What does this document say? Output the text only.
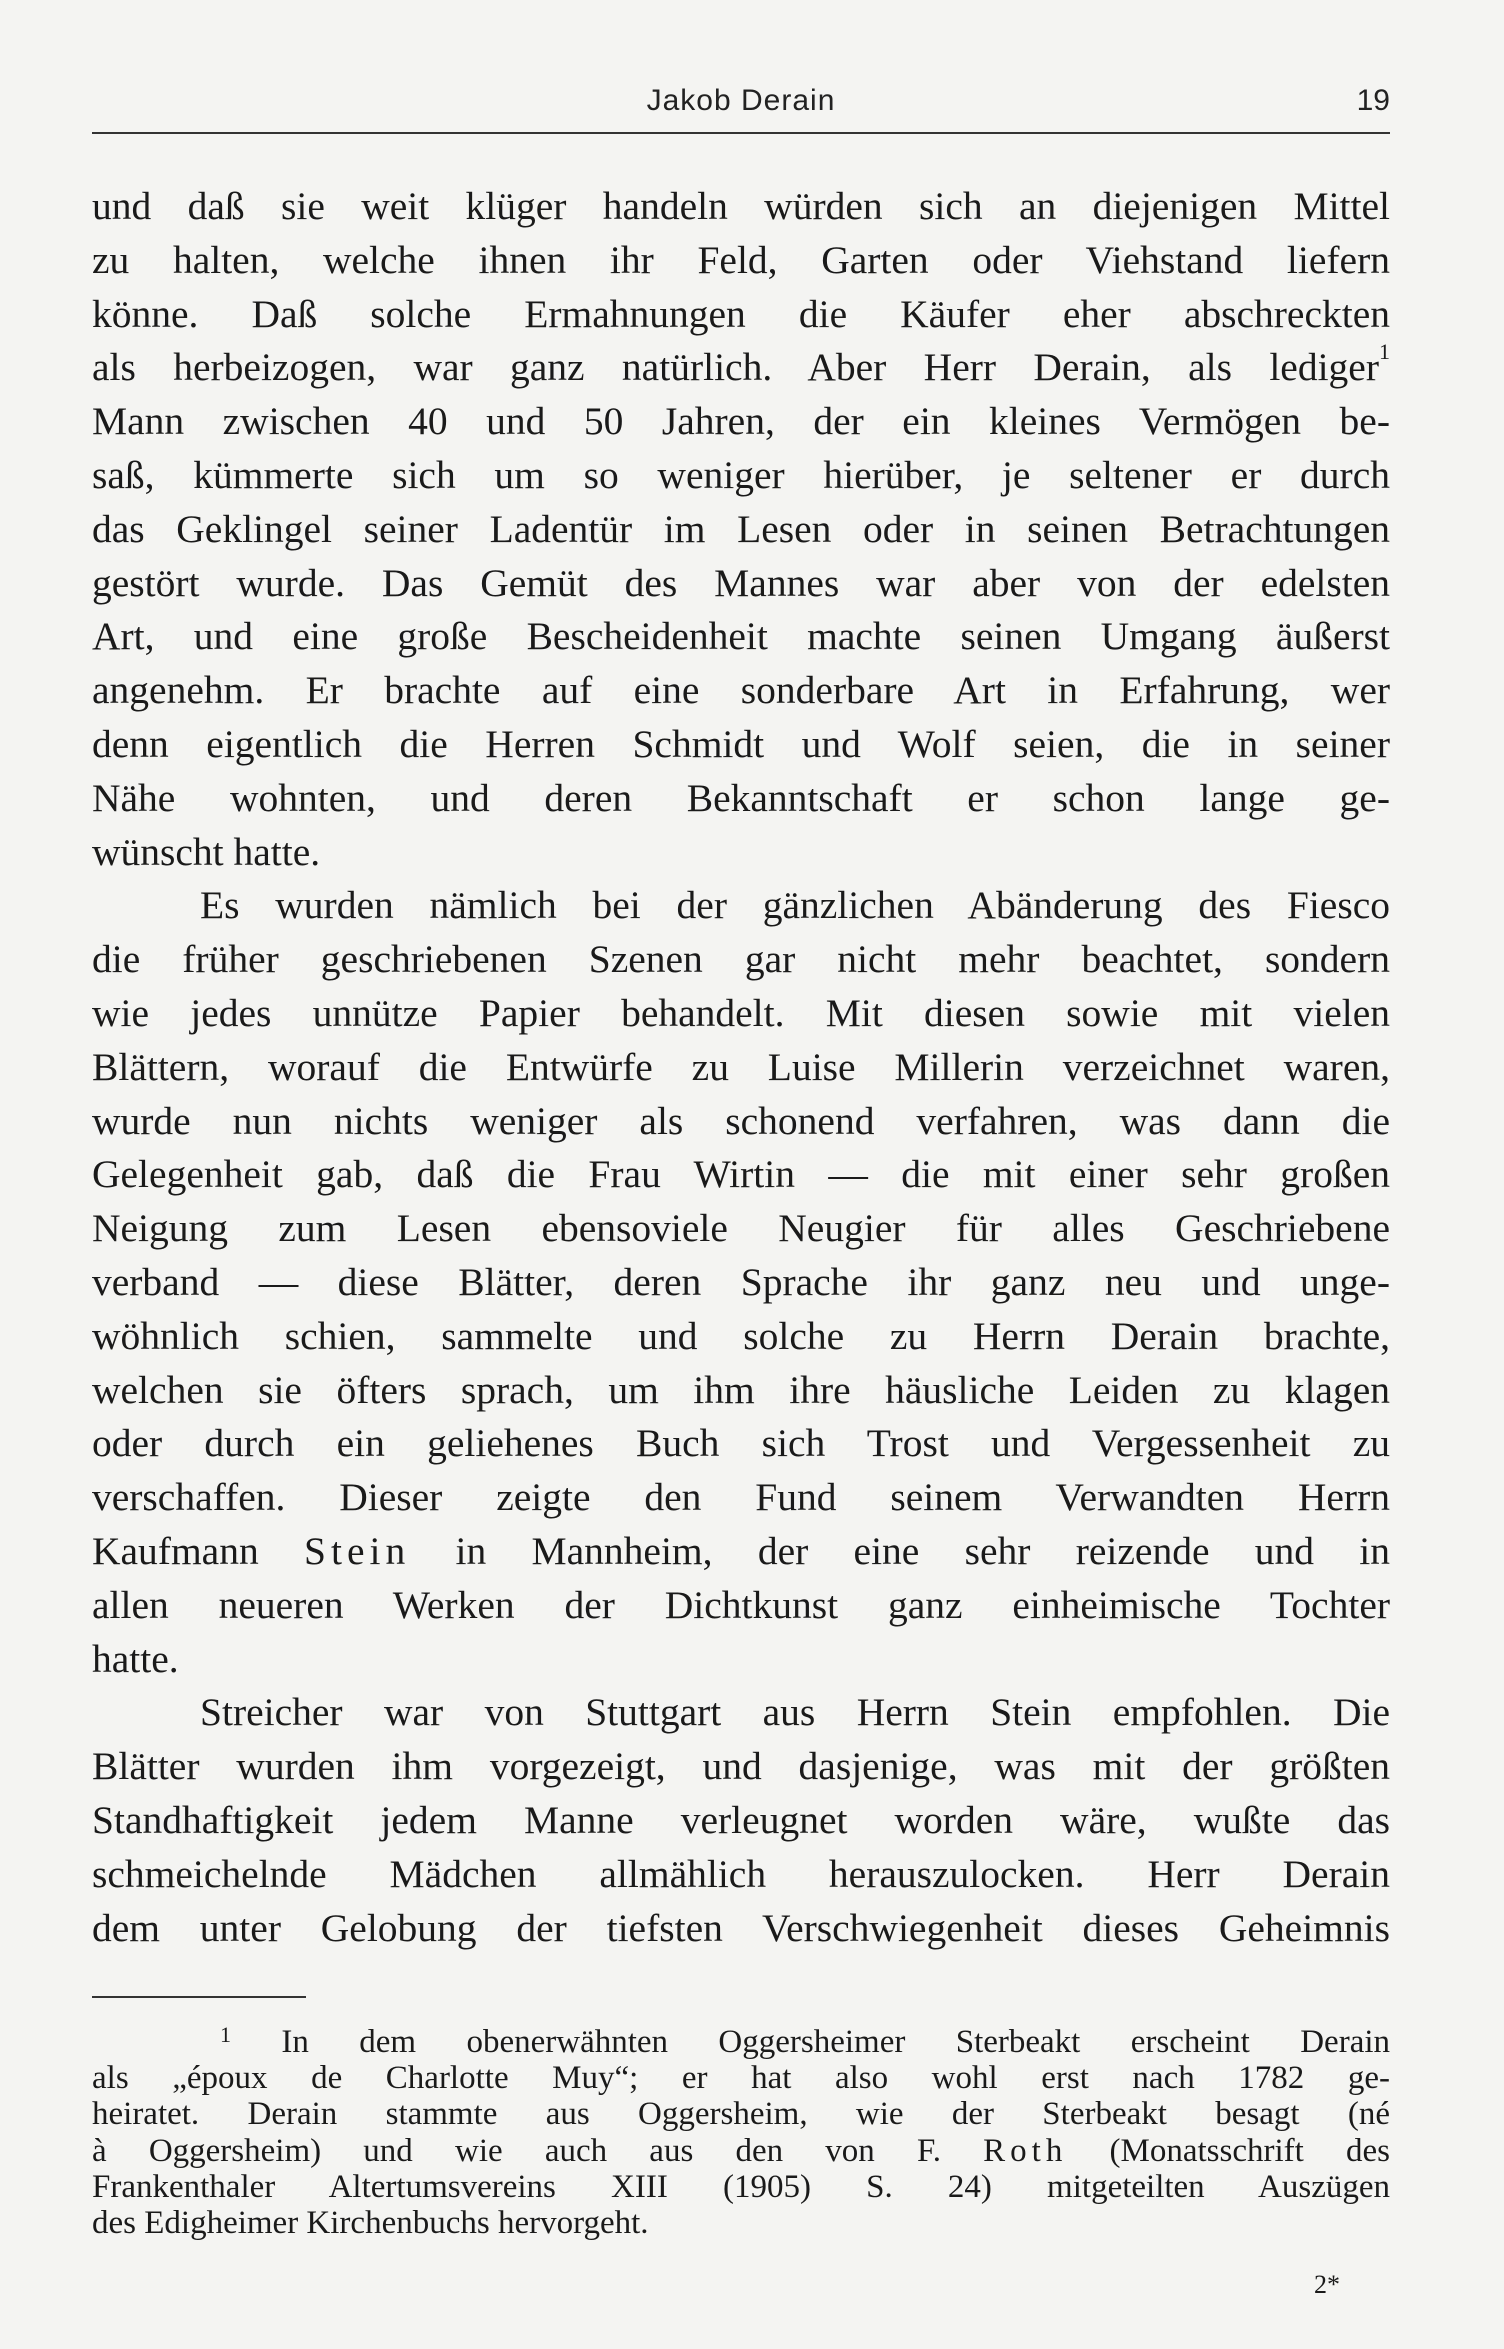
Jakob Derain	19
und daß sie weit klüger handeln würden sich an diejenigen Mittel
zu halten, welche ihnen ihr Feld, Garten oder Viehstand liefern
könne. Daß solche Ermahnungen die Käufer eher abschreckten
als herbeizogen, war ganz natürlich. Aber Herr Derain, als lediger$^1$
Mann zwischen 40 und 50 Jahren, der ein kleines Vermögen be-
saß, kümmerte sich um so weniger hierüber, je seltener er durch
das Geklingel seiner Ladentür im Lesen oder in seinen Betrachtungen
gestört wurde. Das Gemüt des Mannes war aber von der edelsten
Art, und eine große Bescheidenheit machte seinen Umgang äußerst
angenehm. Er brachte auf eine sonderbare Art in Erfahrung, wer
denn eigentlich die Herren Schmidt und Wolf seien, die in seiner
Nähe wohnten, und deren Bekanntschaft er schon lange ge-
wünscht hatte.
Es wurden nämlich bei der gänzlichen Abänderung des Fiesco
die früher geschriebenen Szenen gar nicht mehr beachtet, sondern
wie jedes unnütze Papier behandelt. Mit diesen sowie mit vielen
Blättern, worauf die Entwürfe zu Luise Millerin verzeichnet waren,
wurde nun nichts weniger als schonend verfahren, was dann die
Gelegenheit gab, daß die Frau Wirtin — die mit einer sehr großen
Neigung zum Lesen ebensoviele Neugier für alles Geschriebene
verband — diese Blätter, deren Sprache ihr ganz neu und unge-
wöhnlich schien, sammelte und solche zu Herrn Derain brachte,
welchen sie öfters sprach, um ihm ihre häusliche Leiden zu klagen
oder durch ein geliehenes Buch sich Trost und Vergessenheit zu
verschaffen. Dieser zeigte den Fund seinem Verwandten Herrn
Kaufmann Stein in Mannheim, der eine sehr reizende und in
allen neueren Werken der Dichtkunst ganz einheimische Tochter
hatte.
Streicher war von Stuttgart aus Herrn Stein empfohlen. Die
Blätter wurden ihm vorgezeigt, und dasjenige, was mit der größten
Standhaftigkeit jedem Manne verleugnet worden wäre, wußte das
schmeichelnde Mädchen allmählich herauszulocken. Herr Derain
dem unter Gelobung der tiefsten Verschwiegenheit dieses Geheimnis
$^1$ In dem obenerwähnten Oggersheimer Sterbeakt erscheint Derain
als „époux de Charlotte Muy“; er hat also wohl erst nach 1782 ge-
heiratet. Derain stammte aus Oggersheim, wie der Sterbeakt besagt (né
à Oggersheim) und wie auch aus den von F. Roth (Monatsschrift des
Frankenthaler Altertumsvereins XIII (1905) S. 24) mitgeteilten Auszügen
des Edigheimer Kirchenbuchs hervorgeht.
2*
